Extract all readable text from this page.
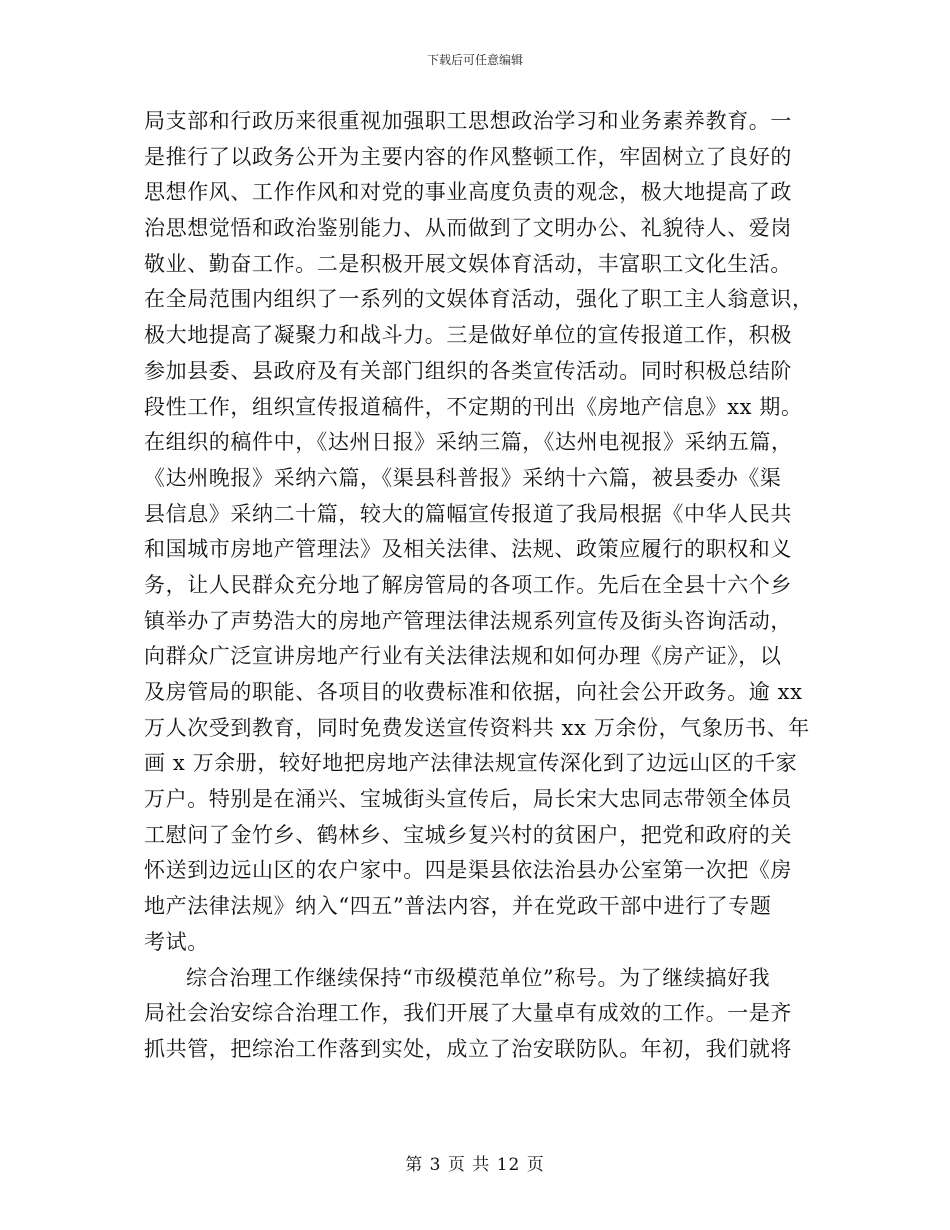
下载后可任意编辑
局支部和行政历来很重视加强职工思想政治学习和业务素养教育。一
是推行了以政务公开为主要内容的作风整顿工作，牢固树立了良好的
思想作风、工作作风和对党的事业高度负责的观念，极大地提高了政
治思想觉悟和政治鉴别能力、从而做到了文明办公、礼貌待人、爱岗
敬业、勤奋工作。二是积极开展文娱体育活动，丰富职工文化生活。
在全局范围内组织了一系列的文娱体育活动，强化了职工主人翁意识，
极大地提高了凝聚力和战斗力。三是做好单位的宣传报道工作，积极
参加县委、县政府及有关部门组织的各类宣传活动。同时积极总结阶
段性工作，组织宣传报道稿件，不定期的刊出《房地产信息》xx 期。
在组织的稿件中，《达州日报》采纳三篇，《达州电视报》采纳五篇，
《达州晚报》采纳六篇，《渠县科普报》采纳十六篇，被县委办《渠
县信息》采纳二十篇，较大的篇幅宣传报道了我局根据《中华人民共
和国城市房地产管理法》及相关法律、法规、政策应履行的职权和义
务，让人民群众充分地了解房管局的各项工作。先后在全县十六个乡
镇举办了声势浩大的房地产管理法律法规系列宣传及街头咨询活动，
向群众广泛宣讲房地产行业有关法律法规和如何办理《房产证》，以
及房管局的职能、各项目的收费标准和依据，向社会公开政务。逾 xx
万人次受到教育，同时免费发送宣传资料共 xx 万余份，气象历书、年
画 x 万余册，较好地把房地产法律法规宣传深化到了边远山区的千家
万户。特别是在涌兴、宝城街头宣传后，局长宋大忠同志带领全体员
工慰问了金竹乡、鹤林乡、宝城乡复兴村的贫困户，把党和政府的关
怀送到边远山区的农户家中。四是渠县依法治县办公室第一次把《房
地产法律法规》纳入“四五”普法内容，并在党政干部中进行了专题
考试。
综合治理工作继续保持“市级模范单位”称号。为了继续搞好我
局社会治安综合治理工作，我们开展了大量卓有成效的工作。一是齐
抓共管，把综治工作落到实处，成立了治安联防队。年初，我们就将
第 3 页 共 12 页
